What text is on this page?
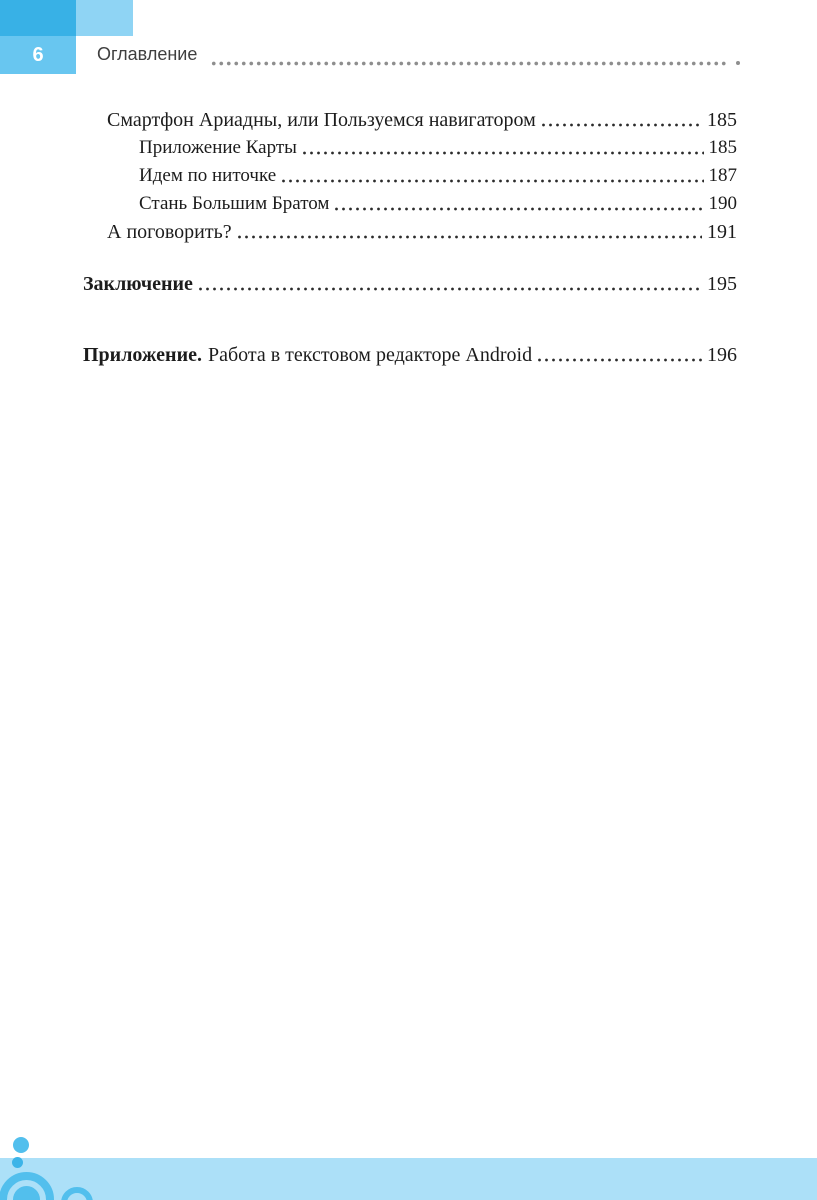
6	Оглавление
Смартфон Ариадны, или Пользуемся навигатором	185
Приложение Карты	185
Идем по ниточке	187
Стань Большим Братом	190
А поговорить?	191
Заключение	195
Приложение. Работа в текстовом редакторе Android	196
